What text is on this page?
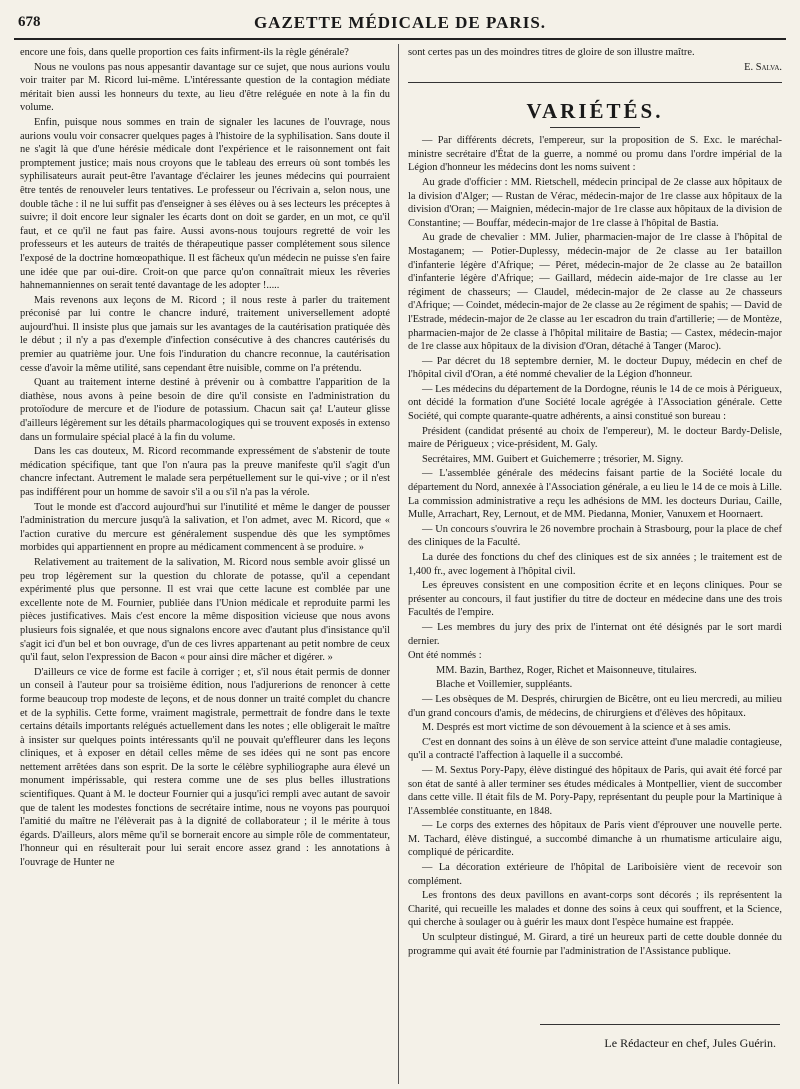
678	GAZETTE MÉDICALE DE PARIS.

encore une fois, dans quelle proportion ces faits infirment-ils la règle générale?

Nous ne voulons pas nous appesantir davantage sur ce sujet, que nous aurions voulu voir traiter par M. Ricord lui-même. L'intéressante question de la contagion médiate méritait bien aussi les honneurs du texte, au lieu d'être reléguée en note à la fin du volume.

Enfin, puisque nous sommes en train de signaler les lacunes de l'ouvrage, nous aurions voulu voir consacrer quelques pages à l'histoire de la syphilisation. Sans doute il ne s'agit là que d'une hérésie médicale dont l'expérience et le raisonnement ont fait promptement justice; mais nous croyons que le tableau des erreurs où sont tombés les syphilisateurs aurait peut-être l'avantage d'éclairer les jeunes médecins qui pourraient être tentés de renouveler leurs tentatives. Le professeur ou l'écrivain a, selon nous, une double tâche : il ne lui suffit pas d'enseigner à ses élèves ou à ses lecteurs les préceptes à suivre; il doit encore leur signaler les écarts dont on doit se garder, en un mot, ce qu'il faut, et ce qu'il ne faut pas faire. Aussi avons-nous toujours regretté de voir les professeurs et les auteurs de traités de thérapeutique passer complétement sous silence l'exposé de la doctrine homœopathique. Il est fâcheux qu'un médecin ne puisse s'en faire une idée que par oui-dire. Croit-on que parce qu'on connaîtrait mieux les rêveries hahnemanniennes on serait tenté davantage de les adopter !.....

Mais revenons aux leçons de M. Ricord ; il nous reste à parler du traitement préconisé par lui contre le chancre induré, traitement universellement adopté aujourd'hui. Il insiste plus que jamais sur les avantages de la cautérisation pratiquée dès le début ; il n'y a pas d'exemple d'infection consécutive à des chancres cautérisés du premier au quatrième jour. Une fois l'induration du chancre reconnue, la cautérisation cesse d'avoir la même utilité, sans cependant être nuisible, comme on l'a prétendu.

Quant au traitement interne destiné à prévenir ou à combattre l'apparition de la diathèse, nous avons à peine besoin de dire qu'il consiste en l'administration du protoïodure de mercure et de l'iodure de potassium. Chacun sait ça! L'auteur glisse d'ailleurs légèrement sur les détails pharmacologiques qui se trouvent exposés in extenso dans un formulaire spécial placé à la fin du volume.

Dans les cas douteux, M. Ricord recommande expressément de s'abstenir de toute médication spécifique, tant que l'on n'aura pas la preuve manifeste qu'il s'agit d'un chancre infectant. Autrement le malade sera perpétuellement sur le qui-vive ; or il n'est pas indifférent pour un homme de savoir s'il a ou s'il n'a pas la vérole.

Tout le monde est d'accord aujourd'hui sur l'inutilité et même le danger de pousser l'administration du mercure jusqu'à la salivation, et l'on admet, avec M. Ricord, que « l'action curative du mercure est généralement suspendue dès que les symptômes morbides qui appartiennent en propre au médicament commencent à se produire. »

Relativement au traitement de la salivation, M. Ricord nous semble avoir glissé un peu trop légèrement sur la question du chlorate de potasse, qu'il a cependant expérimenté plus que personne. Il est vrai que cette lacune est comblée par une excellente note de M. Fournier, publiée dans l'Union médicale et reproduite parmi les pièces justificatives. Mais c'est encore la même disposition vicieuse que nous avons plusieurs fois signalée, et que nous signalons encore avec d'autant plus d'insistance qu'il s'agit ici d'un bel et bon ouvrage, d'un de ces livres appartenant au petit nombre de ceux qu'il faut, selon l'expression de Bacon « pour ainsi dire mâcher et digérer. »

D'ailleurs ce vice de forme est facile à corriger ; et, s'il nous était permis de donner un conseil à l'auteur pour sa troisième édition, nous l'adjurerions de renoncer à cette forme beaucoup trop modeste de leçons, et de nous donner un traité complet du chancre et de la syphilis. Cette forme, vraiment magistrale, permettrait de fondre dans le texte certains détails importants relégués actuellement dans les notes ; elle obligerait le maître à insister sur quelques points intéressants qu'il ne pouvait qu'effleurer dans les leçons cliniques, et à exposer en détail celles même de ses idées qui ne sont pas encore nettement arrêtées dans son esprit. De la sorte le célèbre syphiliographe aura élevé un monument impérissable, qui restera comme une de ses plus belles illustrations scientifiques. Quant à M. le docteur Fournier qui a jusqu'ici rempli avec autant de savoir que de talent les modestes fonctions de secrétaire intime, nous ne voyons pas pourquoi l'amitié du maître ne l'élèverait pas à la dignité de collaborateur ; il le mérite à tous égards. D'ailleurs, alors même qu'il se bornerait encore au simple rôle de commentateur, l'honneur qui en résulterait pour lui serait encore assez grand : les annotations à l'ouvrage de Hunter ne

sont certes pas un des moindres titres de gloire de son illustre maître.

E. Salva.

VARIÉTÉS.

— Par différents décrets, l'empereur, sur la proposition de S. Exc. le maréchal-ministre secrétaire d'État de la guerre, a nommé ou promu dans l'ordre impérial de la Légion d'honneur les médecins dont les noms suivent :

Au grade d'officier : MM. Rietschell, médecin principal de 2e classe aux hôpitaux de la division d'Alger; — Rustan de Vérac, médecin-major de 1re classe aux hôpitaux de la division d'Oran; — Maignien, médecin-major de 1re classe aux hôpitaux de la division de Constantine; — Bouffar, médecin-major de 1re classe à l'hôpital de Bastia.

Au grade de chevalier : MM. Julier, pharmacien-major de 1re classe à l'hôpital de Mostaganem; — Potier-Duplessy, médecin-major de 2e classe au 1er bataillon d'infanterie légère d'Afrique; — Péret, médecin-major de 2e classe au 2e bataillon d'infanterie légère d'Afrique; — Gaillard, médecin aide-major de 1re classe au 1er régiment de chasseurs; — Claudel, médecin-major de 2e classe au 2e chasseurs d'Afrique; — Coindet, médecin-major de 2e classe au 2e régiment de spahis; — David de l'Estrade, médecin-major de 2e classe au 1er escadron du train d'artillerie; — de Montèze, pharmacien-major de 2e classe à l'hôpital militaire de Bastia; — Castex, médecin-major de 1re classe aux hôpitaux de la division d'Oran, détaché à Tanger (Maroc).

— Par décret du 18 septembre dernier, M. le docteur Dupuy, médecin en chef de l'hôpital civil d'Oran, a été nommé chevalier de la Légion d'honneur.

— Les médecins du département de la Dordogne, réunis le 14 de ce mois à Périgueux, ont décidé la formation d'une Société locale agrégée à l'Association générale. Cette Société, qui compte quarante-quatre adhérents, a ainsi constitué son bureau :

Président (candidat présenté au choix de l'empereur), M. le docteur Bardy-Delisle, maire de Périgueux ; vice-président, M. Galy.

Secrétaires, MM. Guibert et Guichemerre ; trésorier, M. Signy.

— L'assemblée générale des médecins faisant partie de la Société locale du département du Nord, annexée à l'Association générale, a eu lieu le 14 de ce mois à Lille. La commission administrative a reçu les adhésions de MM. les docteurs Duriau, Caille, Mulle, Arrachart, Rey, Lernout, et de MM. Piedanna, Monier, Vanuxem et Hoornaert.

— Un concours s'ouvrira le 26 novembre prochain à Strasbourg, pour la place de chef des cliniques de la Faculté.

La durée des fonctions du chef des cliniques est de six années ; le traitement est de 1,400 fr., avec logement à l'hôpital civil.

Les épreuves consistent en une composition écrite et en leçons cliniques. Pour se présenter au concours, il faut justifier du titre de docteur en médecine dans une des trois Facultés de l'empire.

— Les membres du jury des prix de l'internat ont été désignés par le sort mardi dernier.

Ont été nommés :

MM. Bazin, Barthez, Roger, Richet et Maisonneuve, titulaires.

Blache et Voillemier, suppléants.

— Les obsèques de M. Després, chirurgien de Bicêtre, ont eu lieu mercredi, au milieu d'un grand concours d'amis, de médecins, de chirurgiens et d'élèves des hôpitaux.

M. Després est mort victime de son dévouement à la science et à ses amis.

C'est en donnant des soins à un élève de son service atteint d'une maladie contagieuse, qu'il a contracté l'affection à laquelle il a succombé.

— M. Sextus Pory-Papy, élève distingué des hôpitaux de Paris, qui avait été forcé par son état de santé à aller terminer ses études médicales à Montpellier, vient de succomber dans cette ville. Il était fils de M. Pory-Papy, représentant du peuple pour la Martinique à l'Assemblée constituante, en 1848.

— Le corps des externes des hôpitaux de Paris vient d'éprouver une nouvelle perte. M. Tachard, élève distingué, a succombé dimanche à un rhumatisme articulaire aigu, compliqué de péricardite.

— La décoration extérieure de l'hôpital de Lariboisière vient de recevoir son complément.

Les frontons des deux pavillons en avant-corps sont décorés ; ils représentent la Charité, qui recueille les malades et donne des soins à ceux qui souffrent, et la Science, qui cherche à soulager ou à guérir les maux dont l'espèce humaine est frappée.

Un sculpteur distingué, M. Girard, a tiré un heureux parti de cette double donnée du programme qui avait été fournie par l'administration de l'Assistance publique.

Le Rédacteur en chef, Jules Guérin.
